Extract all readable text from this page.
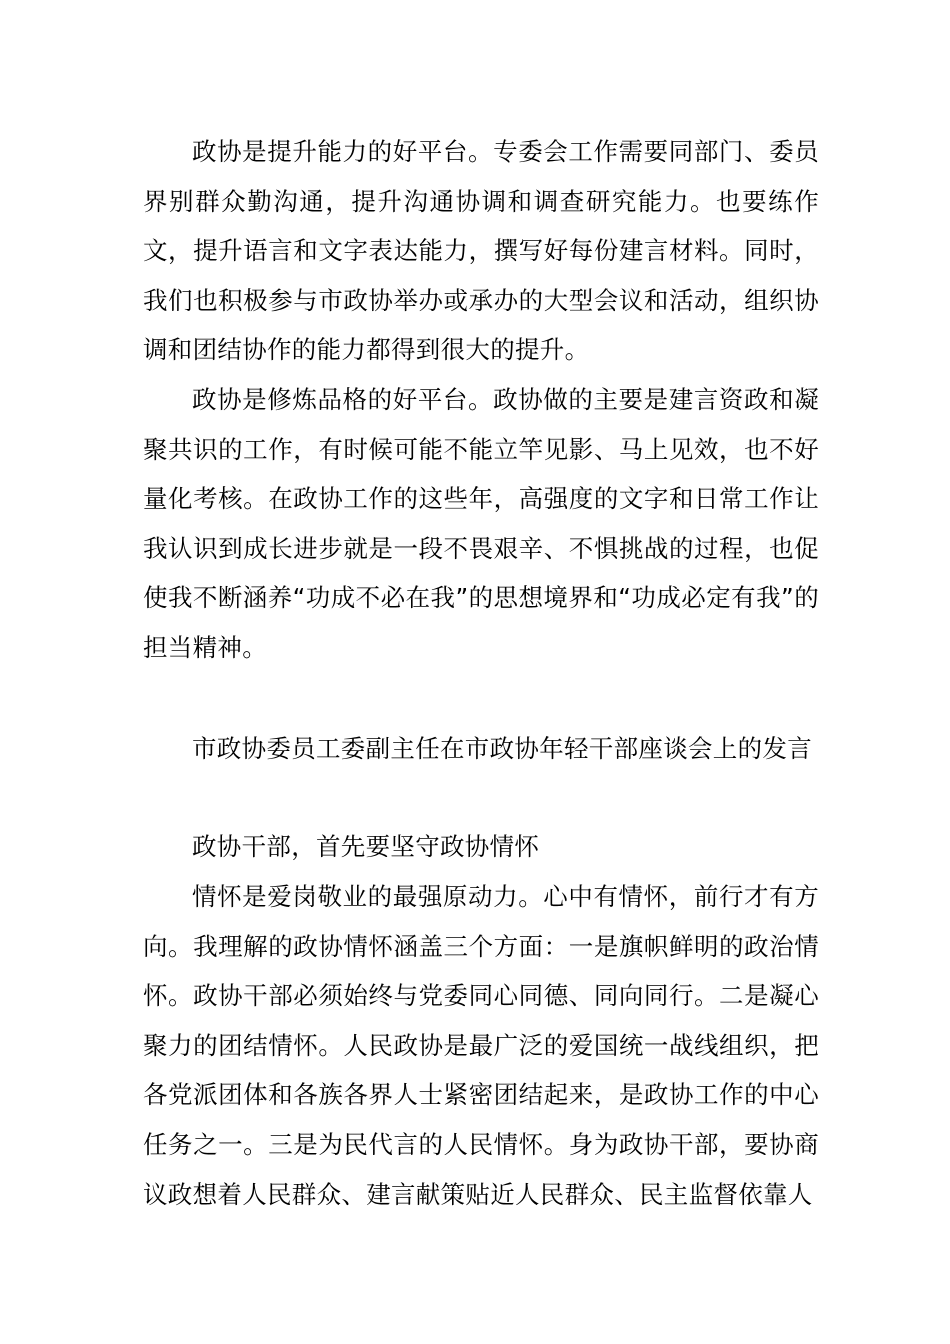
政协是提升能力的好平台。专委会工作需要同部门、委员界别群众勤沟通，提升沟通协调和调查研究能力。也要练作文，提升语言和文字表达能力，撰写好每份建言材料。同时，我们也积极参与市政协举办或承办的大型会议和活动，组织协调和团结协作的能力都得到很大的提升。

政协是修炼品格的好平台。政协做的主要是建言资政和凝聚共识的工作，有时候可能不能立竿见影、马上见效，也不好量化考核。在政协工作的这些年，高强度的文字和日常工作让我认识到成长进步就是一段不畏艰辛、不惧挑战的过程，也促使我不断涵养“功成不必在我”的思想境界和“功成必定有我”的担当精神。

市政协委员工委副主任在市政协年轻干部座谈会上的发言
政协干部，首先要坚守政协情怀

情怀是爱岗敬业的最强原动力。心中有情怀，前行才有方向。我理解的政协情怀涵盖三个方面：一是旗帜鲜明的政治情怀。政协干部必须始终与党委同心同德、同向同行。二是凝心聚力的团结情怀。人民政协是最广泛的爱国统一战线组织，把各党派团体和各族各界人士紧密团结起来，是政协工作的中心任务之一。三是为民代言的人民情怀。身为政协干部，要协商议政想着人民群众、建言献策贴近人民群众、民主监督依靠人
